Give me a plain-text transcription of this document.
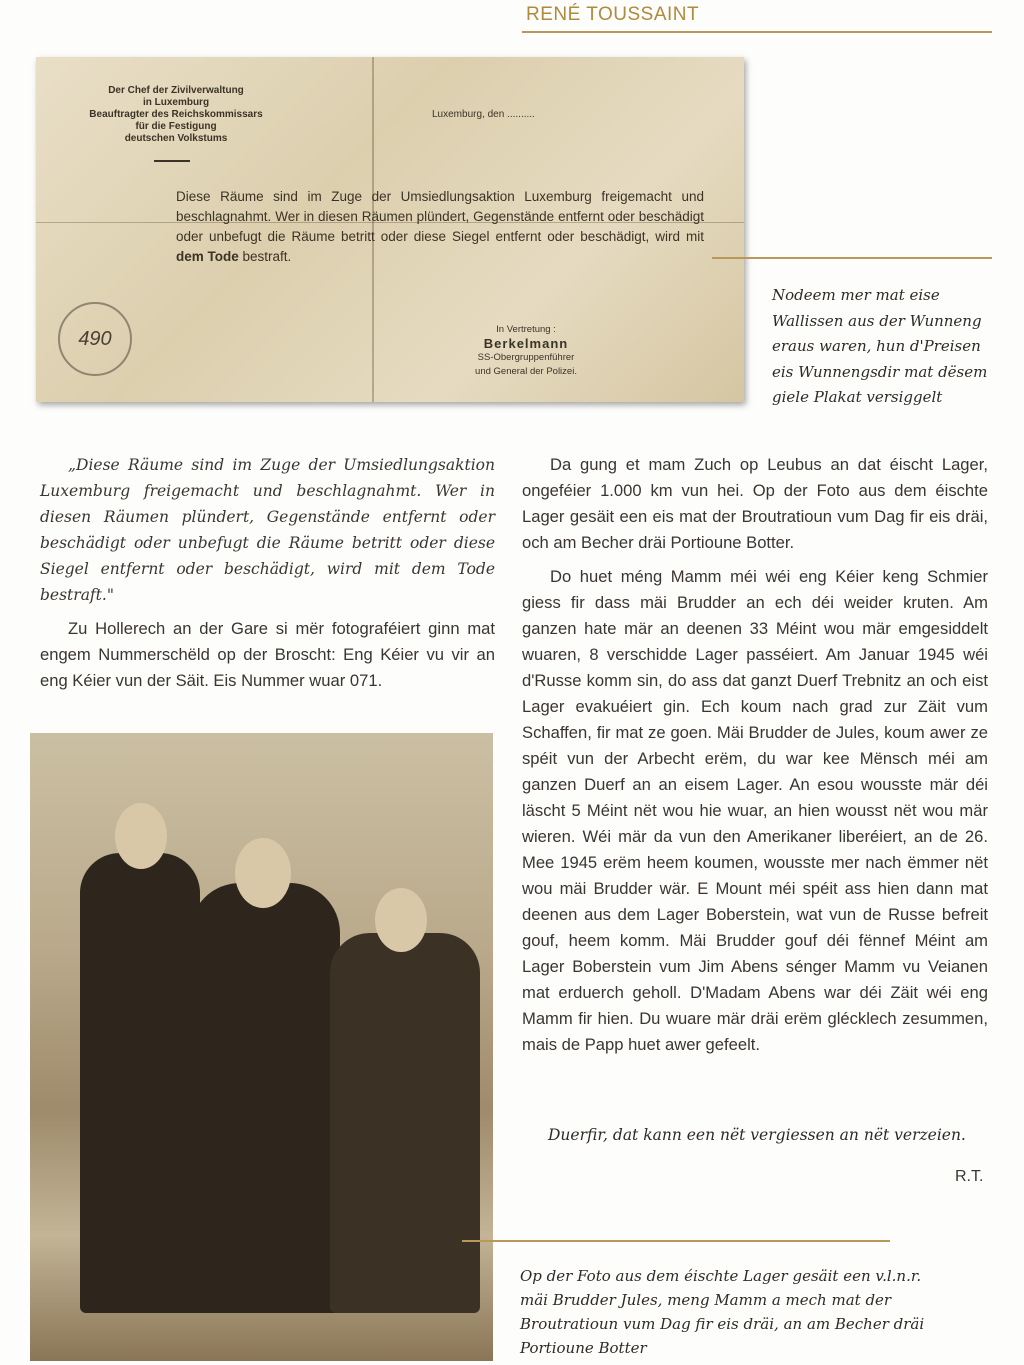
RENÉ TOUSSAINT
Der Chef der Zivilverwaltung
in Luxemburg
Beauftragter des Reichskommissars
für die Festigung
deutschen Volkstums
Luxemburg, den ..........
Diese Räume sind im Zuge der Umsiedlungsaktion Luxemburg freigemacht und beschlagnahmt. Wer in diesen Räumen plündert, Gegenstände entfernt oder beschädigt oder unbefugt die Räume betritt oder diese Siegel entfernt oder beschädigt, wird mit dem Tode bestraft.
490	In Vertretung :
Berkelmann
SS-Obergruppenführer
und General der Polizei.
Nodeem mer mat eise Wallissen aus der Wunneng eraus waren, hun d'Preisen eis Wunnengsdir mat dësem giele Plakat versiggelt

„Diese Räume sind im Zuge der Umsiedlungsaktion Luxemburg freigemacht und beschlagnahmt. Wer in diesen Räumen plündert, Gegenstände entfernt oder beschädigt oder unbefugt die Räume betritt oder diese Siegel entfernt oder beschädigt, wird mit dem Tode bestraft."

Zu Hollerech an der Gare si mër fotograféiert ginn mat engem Nummerschëld op der Broscht: Eng Kéier vu vir an eng Kéier vun der Säit. Eis Nummer wuar 071.

Da gung et mam Zuch op Leubus an dat éischt Lager, ongeféier 1.000 km vun hei. Op der Foto aus dem éischte Lager gesäit een eis mat der Broutratioun vum Dag fir eis dräi, och am Becher dräi Portioune Botter.

Do huet méng Mamm méi wéi eng Kéier keng Schmier giess fir dass mäi Brudder an ech déi weider kruten. Am ganzen hate mär an deenen 33 Méint wou mär emgesiddelt wuaren, 8 verschidde Lager passéiert. Am Januar 1945 wéi d'Russe komm sin, do ass dat ganzt Duerf Trebnitz an och eist Lager evakuéiert gin. Ech koum nach grad zur Zäit vum Schaffen, fir mat ze goen. Mäi Brudder de Jules, koum awer ze spéit vun der Arbecht erëm, du war kee Mënsch méi am ganzen Duerf an an eisem Lager. An esou wousste mär déi läscht 5 Méint nët wou hie wuar, an hien wousst nët wou mär wieren. Wéi mär da vun den Amerikaner liberéiert, an de 26. Mee 1945 erëm heem koumen, wousste mer nach ëmmer nët wou mäi Brudder wär. E Mount méi spéit ass hien dann mat deenen aus dem Lager Boberstein, wat vun de Russe befreit gouf, heem komm. Mäi Brudder gouf déi fënnef Méint am Lager Boberstein vum Jim Abens sénger Mamm vu Veianen mat erduerch geholl. D'Madam Abens war déi Zäit wéi eng Mamm fir hien. Du wuare mär dräi erëm glécklech zesummen, mais de Papp huet awer gefeelt.

Duerfir, dat kann een nët vergiessen an nët verzeien.
R.T.
Op der Foto aus dem éischte Lager gesäit een v.l.n.r. mäi Brudder Jules, meng Mamm a mech mat der Broutratioun vum Dag fir eis dräi, an am Becher dräi Portioune Botter
